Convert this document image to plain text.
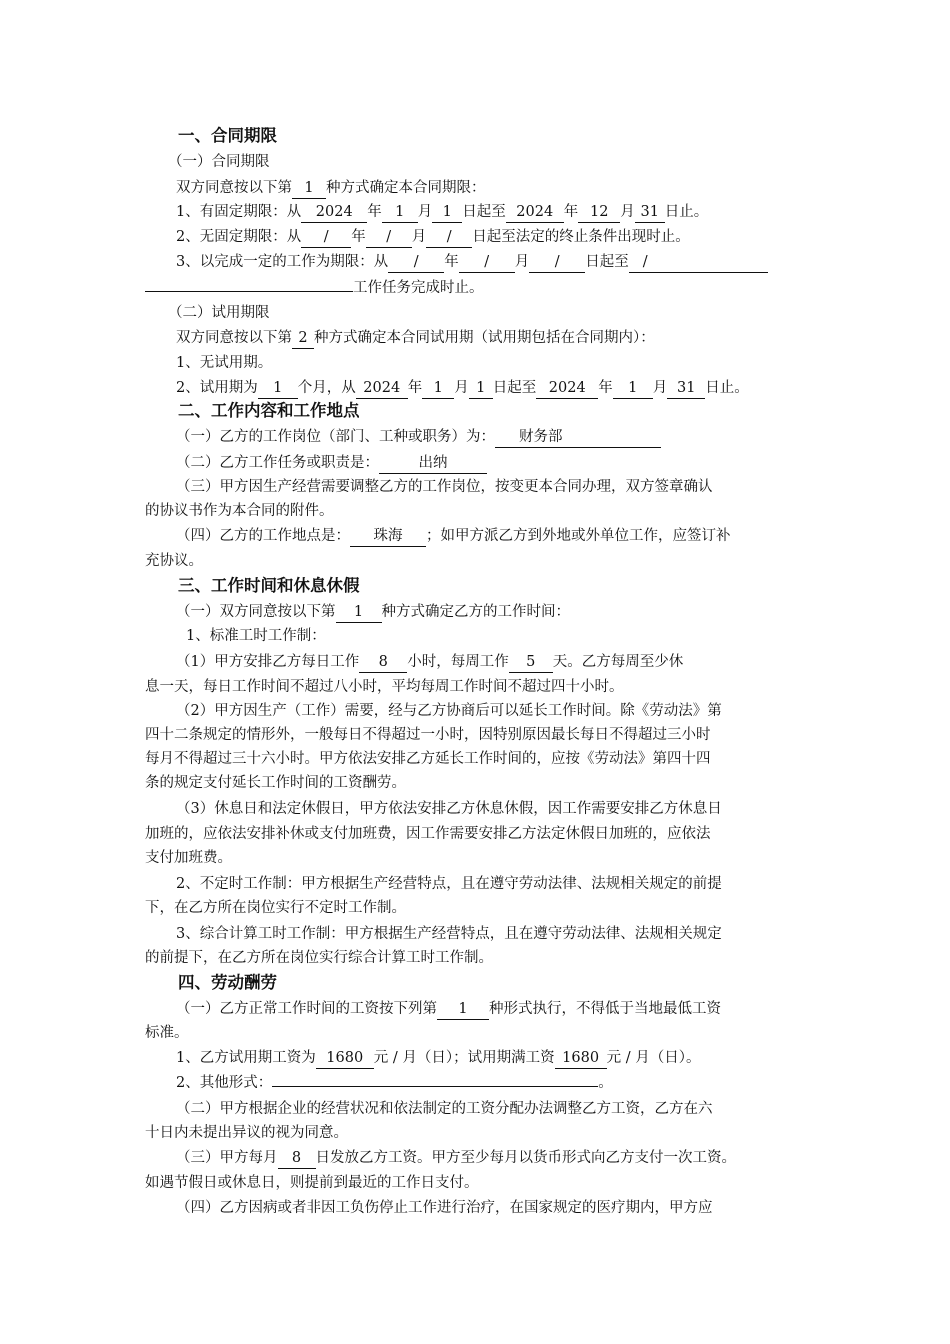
一、合同期限
（一）合同期限
双方同意按以下第 1 种方式确定本合同期限：
1、有固定期限：从 2024 年 1 月 1 日起至 2024 年 12 月 31 日止。
2、无固定期限：从 / 年 / 月 / 日起至法定的终止条件出现时止。
3、以完成一定的工作为期限：从 / 年 / 月 / 日起至 /
工作任务完成时止。
（二）试用期限
双方同意按以下第 2 种方式确定本合同试用期（试用期包括在合同期内）：
1、无试用期。
2、试用期为 1 个月，从 2024 年 1 月 1 日起至 2024 年 1 月 31 日止。
二、工作内容和工作地点
（一）乙方的工作岗位（部门、工种或职务）为： 财务部
（二）乙方工作任务或职责是：	出纳
（三）甲方因生产经营需要调整乙方的工作岗位，按变更本合同办理，双方签章确认
的协议书作为本合同的附件。
（四）乙方的工作地点是： 珠海 ；如甲方派乙方到外地或外单位工作，应签订补
充协议。
三、工作时间和休息休假
（一）双方同意按以下第 1 种方式确定乙方的工作时间：
1、标准工时工作制：
（1）甲方安排乙方每日工作 8 小时，每周工作 5 天。乙方每周至少休
息一天，每日工作时间不超过八小时，平均每周工作时间不超过四十小时。
（2）甲方因生产（工作）需要，经与乙方协商后可以延长工作时间。除《劳动法》第
四十二条规定的情形外，一般每日不得超过一小时，因特别原因最长每日不得超过三小时
每月不得超过三十六小时。甲方依法安排乙方延长工作时间的，应按《劳动法》第四十四
条的规定支付延长工作时间的工资酬劳。
（3）休息日和法定休假日，甲方依法安排乙方休息休假，因工作需要安排乙方休息日
加班的，应依法安排补休或支付加班费，因工作需要安排乙方法定休假日加班的，应依法
支付加班费。
2、不定时工作制：甲方根据生产经营特点，且在遵守劳动法律、法规相关规定的前提
下，在乙方所在岗位实行不定时工作制。
3、综合计算工时工作制：甲方根据生产经营特点，且在遵守劳动法律、法规相关规定
的前提下，在乙方所在岗位实行综合计算工时工作制。
四、劳动酬劳
（一）乙方正常工作时间的工资按下列第 1 种形式执行，不得低于当地最低工资
标准。
1、乙方试用期工资为 1680 元 / 月（日）；试用期满工资 1680 元 / 月（日）。
2、其他形式：	。
（二）甲方根据企业的经营状况和依法制定的工资分配办法调整乙方工资，乙方在六
十日内未提出异议的视为同意。
（三）甲方每月 8 日发放乙方工资。甲方至少每月以货币形式向乙方支付一次工资。
如遇节假日或休息日，则提前到最近的工作日支付。
（四）乙方因病或者非因工负伤停止工作进行治疗，在国家规定的医疗期内，甲方应
